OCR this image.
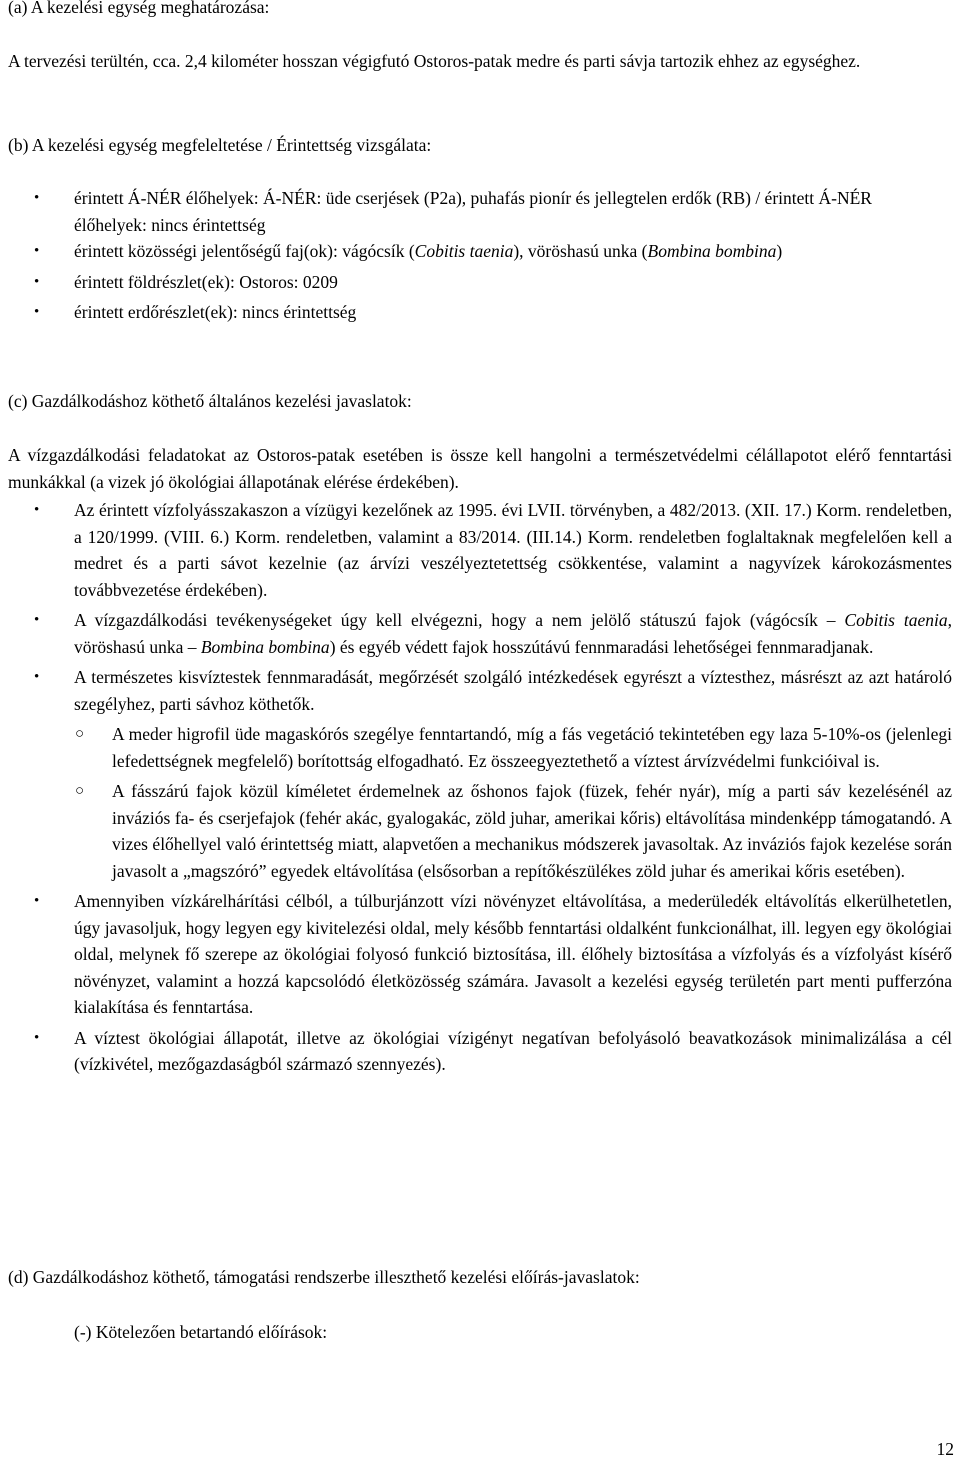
(a) A kezelési egység meghatározása:

A tervezési terültén, cca. 2,4 kilométer hosszan végigfutó Ostoros-patak medre és parti sávja tartozik ehhez az egységhez.

(b) A kezelési egység megfeleltetése / Érintettség vizsgálata:

• érintett Á-NÉR élőhelyek: Á-NÉR: üde cserjések (P2a), puhafás pionír és jellegtelen erdők (RB) / érintett Á-NÉR élőhelyek: nincs érintettség
• érintett közösségi jelentőségű faj(ok): vágócsík (Cobitis taenia), vöröshasú unka (Bombina bombina)
• érintett földrészlet(ek): Ostoros: 0209
• érintett erdőrészlet(ek): nincs érintettség

(c) Gazdálkodáshoz köthető általános kezelési javaslatok:

A vízgazdálkodási feladatokat az Ostoros-patak esetében is össze kell hangolni a természetvédelmi célállapotot elérő fenntartási munkákkal (a vizek jó ökológiai állapotának elérése érdekében).

• Az érintett vízfolyásszakaszon a vízügyi kezelőnek az 1995. évi LVII. törvényben, a 482/2013. (XII. 17.) Korm. rendeletben, a 120/1999. (VIII. 6.) Korm. rendeletben, valamint a 83/2014. (III.14.) Korm. rendeletben foglaltaknak megfelelően kell a medret és a parti sávot kezelnie (az árvízi veszélyeztetettség csökkentése, valamint a nagyvízek károkozásmentes továbbvezetése érdekében).
• A vízgazdálkodási tevékenységeket úgy kell elvégezni, hogy a nem jelölő státuszú fajok (vágócsík – Cobitis taenia, vöröshasú unka – Bombina bombina) és egyéb védett fajok hosszútávú fennmaradási lehetőségei fennmaradjanak.
• A természetes kisvíztestek fennmaradását, megőrzését szolgáló intézkedések egyrészt a víztesthez, másrészt az azt határoló szegélyhez, parti sávhoz köthetők.
○ A meder higrofil üde magaskórós szegélye fenntartandó, míg a fás vegetáció tekintetében egy laza 5-10%-os (jelenlegi lefedettségnek megfelelő) borítottság elfogadható. Ez összeegyeztethető a víztest árvízvédelmi funkcióival is.
○ A fásszárú fajok közül kíméletet érdemelnek az őshonos fajok (füzek, fehér nyár), míg a parti sáv kezelésénél az inváziós fa- és cserjefajok (fehér akác, gyalogakác, zöld juhar, amerikai kőris) eltávolítása mindenképp támogatandó. A vizes élőhellyel való érintettség miatt, alapvetően a mechanikus módszerek javasoltak. Az inváziós fajok kezelése során javasolt a „magszóró” egyedek eltávolítása (elsősorban a repítőkészülékes zöld juhar és amerikai kőris esetében).
• Amennyiben vízkárelhárítási célból, a túlburjánzott vízi növényzet eltávolítása, a mederüledék eltávolítás elkerülhetetlen, úgy javasoljuk, hogy legyen egy kivitelezési oldal, mely később fenntartási oldalként funkcionálhat, ill. legyen egy ökológiai oldal, melynek fő szerepe az ökológiai folyosó funkció biztosítása, ill. élőhely biztosítása a vízfolyás és a vízfolyást kísérő növényzet, valamint a hozzá kapcsolódó életközösség számára. Javasolt a kezelési egység területén part menti pufferzóna kialakítása és fenntartása.
• A víztest ökológiai állapotát, illetve az ökológiai vízigényt negatívan befolyásoló beavatkozások minimalizálása a cél (vízkivétel, mezőgazdaságból származó szennyezés).

(d) Gazdálkodáshoz köthető, támogatási rendszerbe illeszthető kezelési előírás-javaslatok:

(-) Kötelezően betartandó előírások:

12
